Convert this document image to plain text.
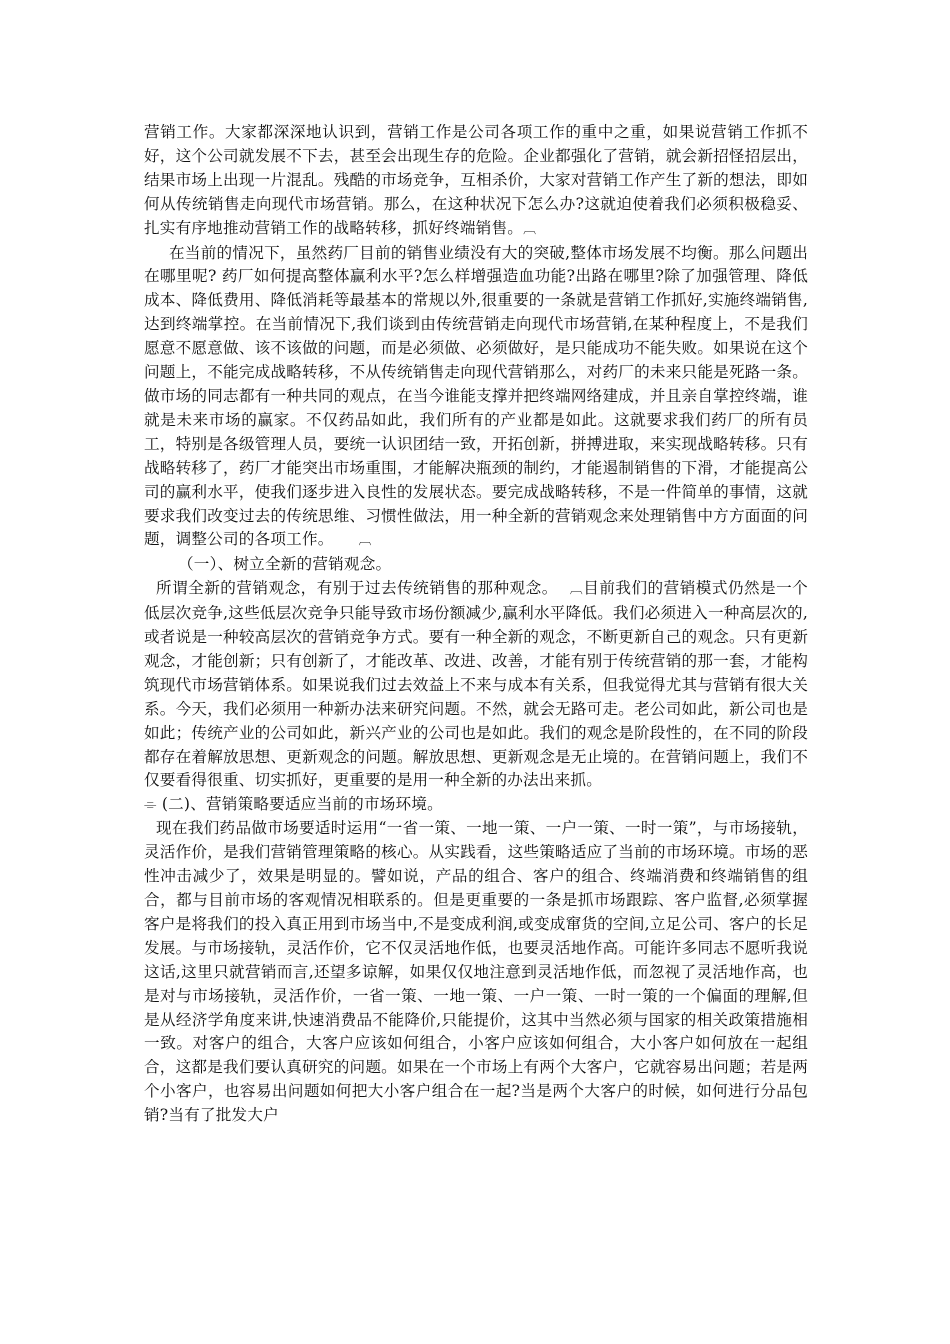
营销工作。大家都深深地认识到，营销工作是公司各项工作的重中之重，如果说营销工作抓不好，这个公司就发展不下去，甚至会出现生存的危险。企业都强化了营销，就会新招怪招层出，结果市场上出现一片混乱。残酷的市场竞争，互相杀价，大家对营销工作产生了新的想法，即如何从传统销售走向现代市场营销。那么，在这种状况下怎么办?这就迫使着我们必须积极稳妥、扎实有序地推动营销工作的战略转移，抓好终端销售。︹

在当前的情况下，虽然药厂目前的销售业绩没有大的突破,整体市场发展不均衡。那么问题出在哪里呢? 药厂如何提高整体赢利水平?怎么样增强造血功能?出路在哪里?除了加强管理、降低成本、降低费用、降低消耗等最基本的常规以外,很重要的一条就是营销工作抓好,实施终端销售,达到终端掌控。在当前情况下,我们谈到由传统营销走向现代市场营销,在某种程度上，不是我们愿意不愿意做、该不该做的问题，而是必须做、必须做好，是只能成功不能失败。如果说在这个问题上，不能完成战略转移，不从传统销售走向现代营销那么，对药厂的未来只能是死路一条。做市场的同志都有一种共同的观点，在当今谁能支撑并把终端网络建成，并且亲自掌控终端，谁就是未来市场的赢家。不仅药品如此，我们所有的产业都是如此。这就要求我们药厂的所有员工，特别是各级管理人员，要统一认识团结一致，开拓创新，拼搏进取，来实现战略转移。只有战略转移了，药厂才能突出市场重围，才能解决瓶颈的制约，才能遏制销售的下滑，才能提高公司的赢利水平，使我们逐步进入良性的发展状态。要完成战略转移，不是一件简单的事情，这就要求我们改变过去的传统思维、习惯性做法，用一种全新的营销观念来处理销售中方方面面的问题，调整公司的各项工作。 ︹

（一）、树立全新的营销观念。

所谓全新的营销观念，有别于过去传统销售的那种观念。 ︹目前我们的营销模式仍然是一个低层次竞争,这些低层次竞争只能导致市场份额减少,赢利水平降低。我们必须进入一种高层次的,或者说是一种较高层次的营销竞争方式。要有一种全新的观念，不断更新自己的观念。只有更新观念，才能创新；只有创新了，才能改革、改进、改善，才能有别于传统营销的那一套，才能构筑现代市场营销体系。如果说我们过去效益上不来与成本有关系，但我觉得尤其与营销有很大关系。今天，我们必须用一种新办法来研究问题。不然，就会无路可走。老公司如此，新公司也是如此；传统产业的公司如此，新兴产业的公司也是如此。我们的观念是阶段性的，在不同的阶段都存在着解放思想、更新观念的问题。解放思想、更新观念是无止境的。在营销问题上，我们不仅要看得很重、切实抓好，更重要的是用一种全新的办法出来抓。

⌯ (二)、营销策略要适应当前的市场环境。

现在我们药品做市场要适时运用“一省一策、一地一策、一户一策、一时一策”，与市场接轨，灵活作价，是我们营销管理策略的核心。从实践看，这些策略适应了当前的市场环境。市场的恶性冲击减少了，效果是明显的。譬如说，产品的组合、客户的组合、终端消费和终端销售的组合，都与目前市场的客观情况相联系的。但是更重要的一条是抓市场跟踪、客户监督,必须掌握客户是将我们的投入真正用到市场当中,不是变成利润,或变成窜货的空间,立足公司、客户的长足发展。与市场接轨，灵活作价，它不仅灵活地作低，也要灵活地作高。可能许多同志不愿听我说这话,这里只就营销而言,还望多谅解，如果仅仅地注意到灵活地作低，而忽视了灵活地作高，也是对与市场接轨，灵活作价，一省一策、一地一策、一户一策、一时一策的一个偏面的理解,但是从经济学角度来讲,快速消费品不能降价,只能提价，这其中当然必须与国家的相关政策措施相一致。对客户的组合，大客户应该如何组合，小客户应该如何组合，大小客户如何放在一起组合，这都是我们要认真研究的问题。如果在一个市场上有两个大客户，它就容易出问题；若是两个小客户，也容易出问题如何把大小客户组合在一起?当是两个大客户的时候，如何进行分品包销?当有了批发大户
